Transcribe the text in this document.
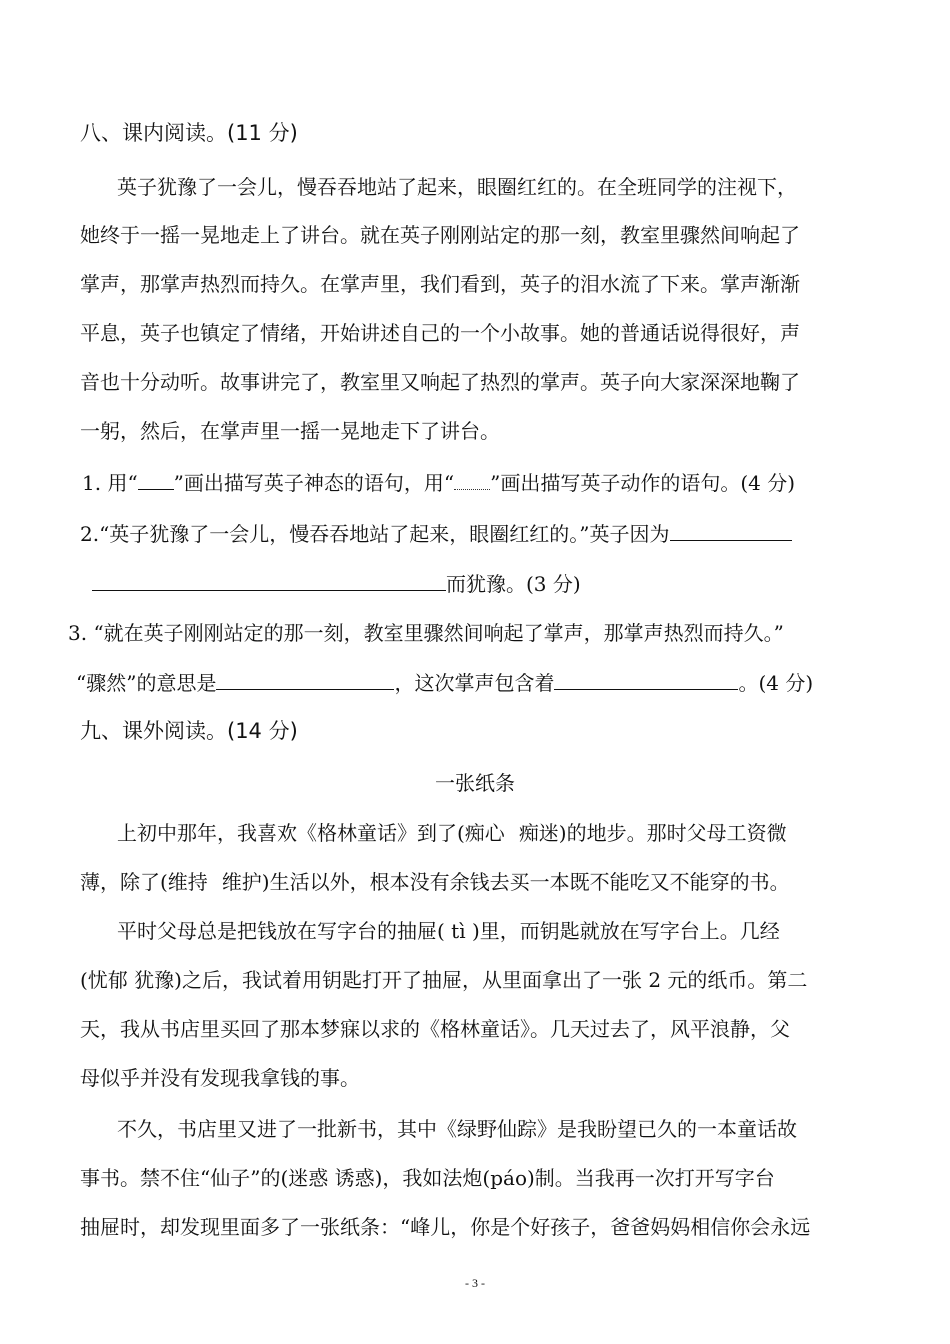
八、课内阅读。(11 分)
英子犹豫了一会儿，慢吞吞地站了起来，眼圈红红的。在全班同学的注视下，
她终于一摇一晃地走上了讲台。就在英子刚刚站定的那一刻，教室里骤然间响起了
掌声，那掌声热烈而持久。在掌声里，我们看到，英子的泪水流了下来。掌声渐渐
平息，英子也镇定了情绪，开始讲述自己的一个小故事。她的普通话说得很好，声
音也十分动听。故事讲完了，教室里又响起了热烈的掌声。英子向大家深深地鞠了
一躬，然后，在掌声里一摇一晃地走下了讲台。
1. 用“ ”画出描写英子神态的语句，用“ ”画出描写英子动作的语句。(4 分)
2.“英子犹豫了一会儿，慢吞吞地站了起来，眼圈红红的。”英子因为
而犹豫。(3 分)
3. “就在英子刚刚站定的那一刻，教室里骤然间响起了掌声，那掌声热烈而持久。”
“骤然”的意思是	，这次掌声包含着	。(4 分)
九、课外阅读。(14 分)
一张纸条
上初中那年，我喜欢《格林童话》到了(痴心 痴迷)的地步。那时父母工资微
薄，除了(维持 维护)生活以外，根本没有余钱去买一本既不能吃又不能穿的书。
平时父母总是把钱放在写字台的抽屉( tì )里，而钥匙就放在写字台上。几经
(忧郁 犹豫)之后，我试着用钥匙打开了抽屉，从里面拿出了一张 2 元的纸币。第二
天，我从书店里买回了那本梦寐以求的《格林童话》。几天过去了，风平浪静，父
母似乎并没有发现我拿钱的事。
不久，书店里又进了一批新书，其中《绿野仙踪》是我盼望已久的一本童话故
事书。禁不住“仙子”的(迷惑 诱惑)，我如法炮(páo)制。当我再一次打开写字台
抽屉时，却发现里面多了一张纸条：“峰儿，你是个好孩子，爸爸妈妈相信你会永远
- 3 -
